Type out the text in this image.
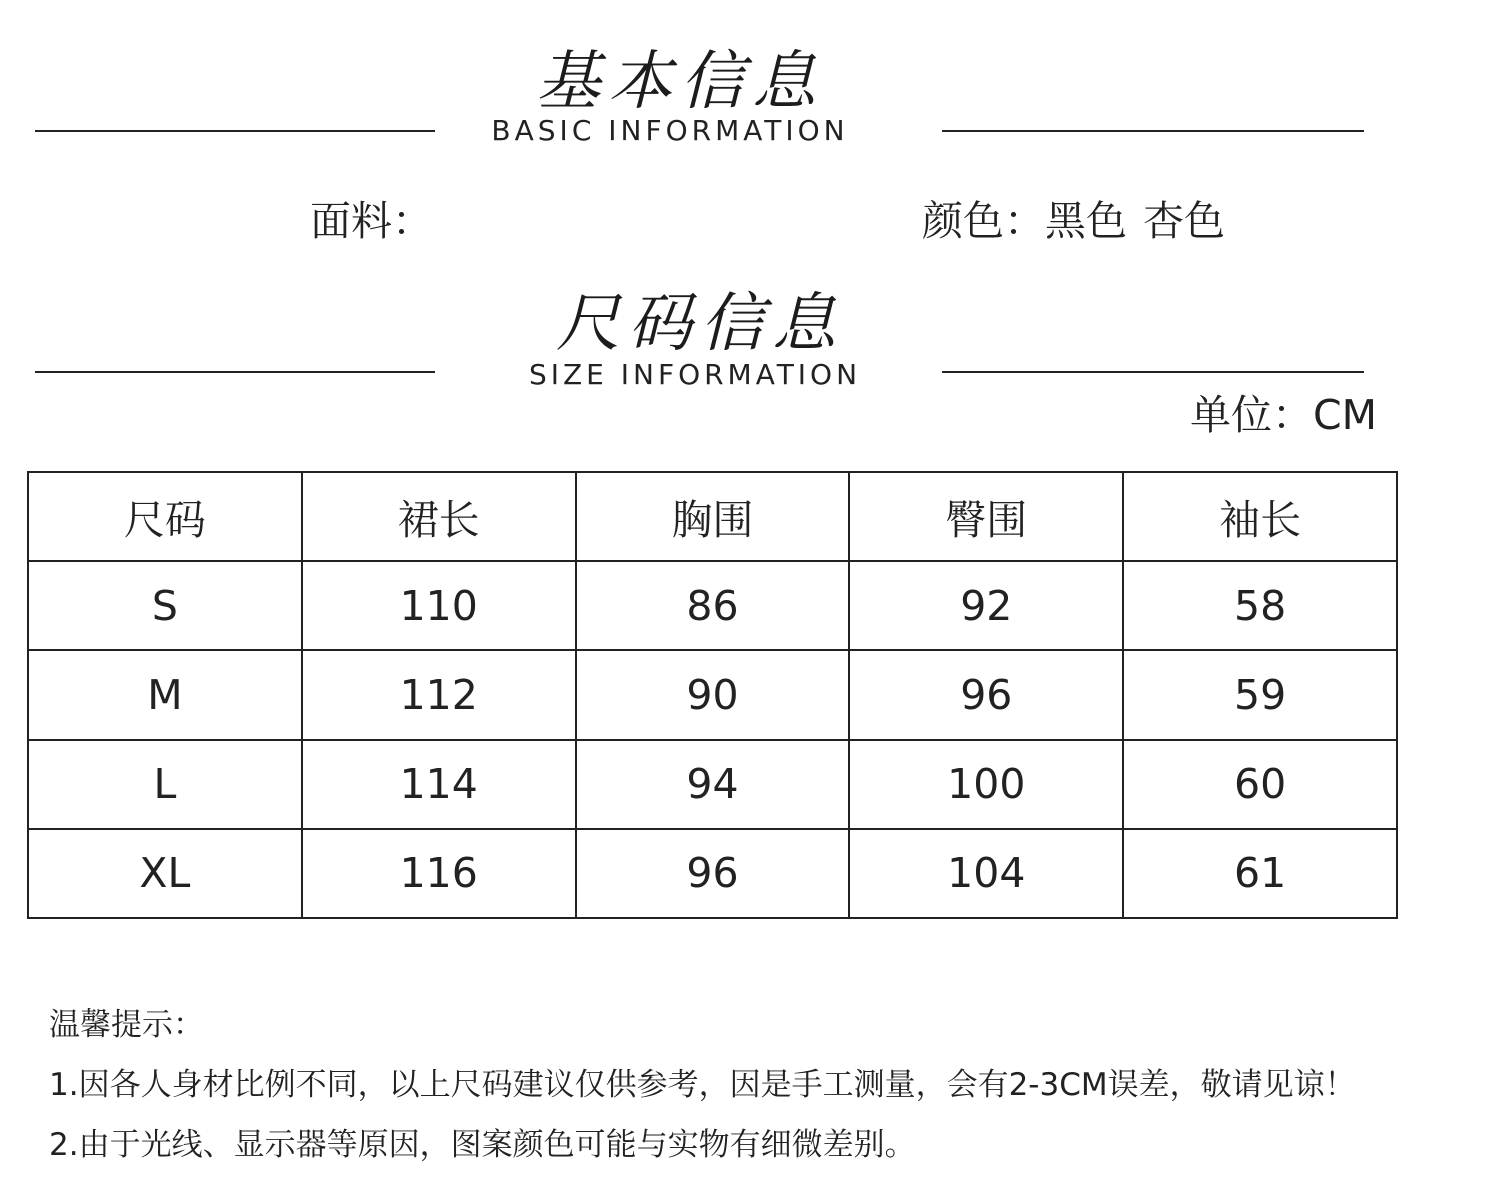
基本信息
BASIC INFORMATION
面料：	颜色：黑色 杏色
尺码信息
SIZE INFORMATION
单位：CM
尺码	裙长	胸围	臀围	袖长
S	110	86	92	58
M	112	90	96	59
L	114	94	100	60
XL	116	96	104	61
温馨提示：
1.因各人身材比例不同，以上尺码建议仅供参考，因是手工测量，会有2-3CM误差，敬请见谅！
2.由于光线、显示器等原因，图案颜色可能与实物有细微差别。
